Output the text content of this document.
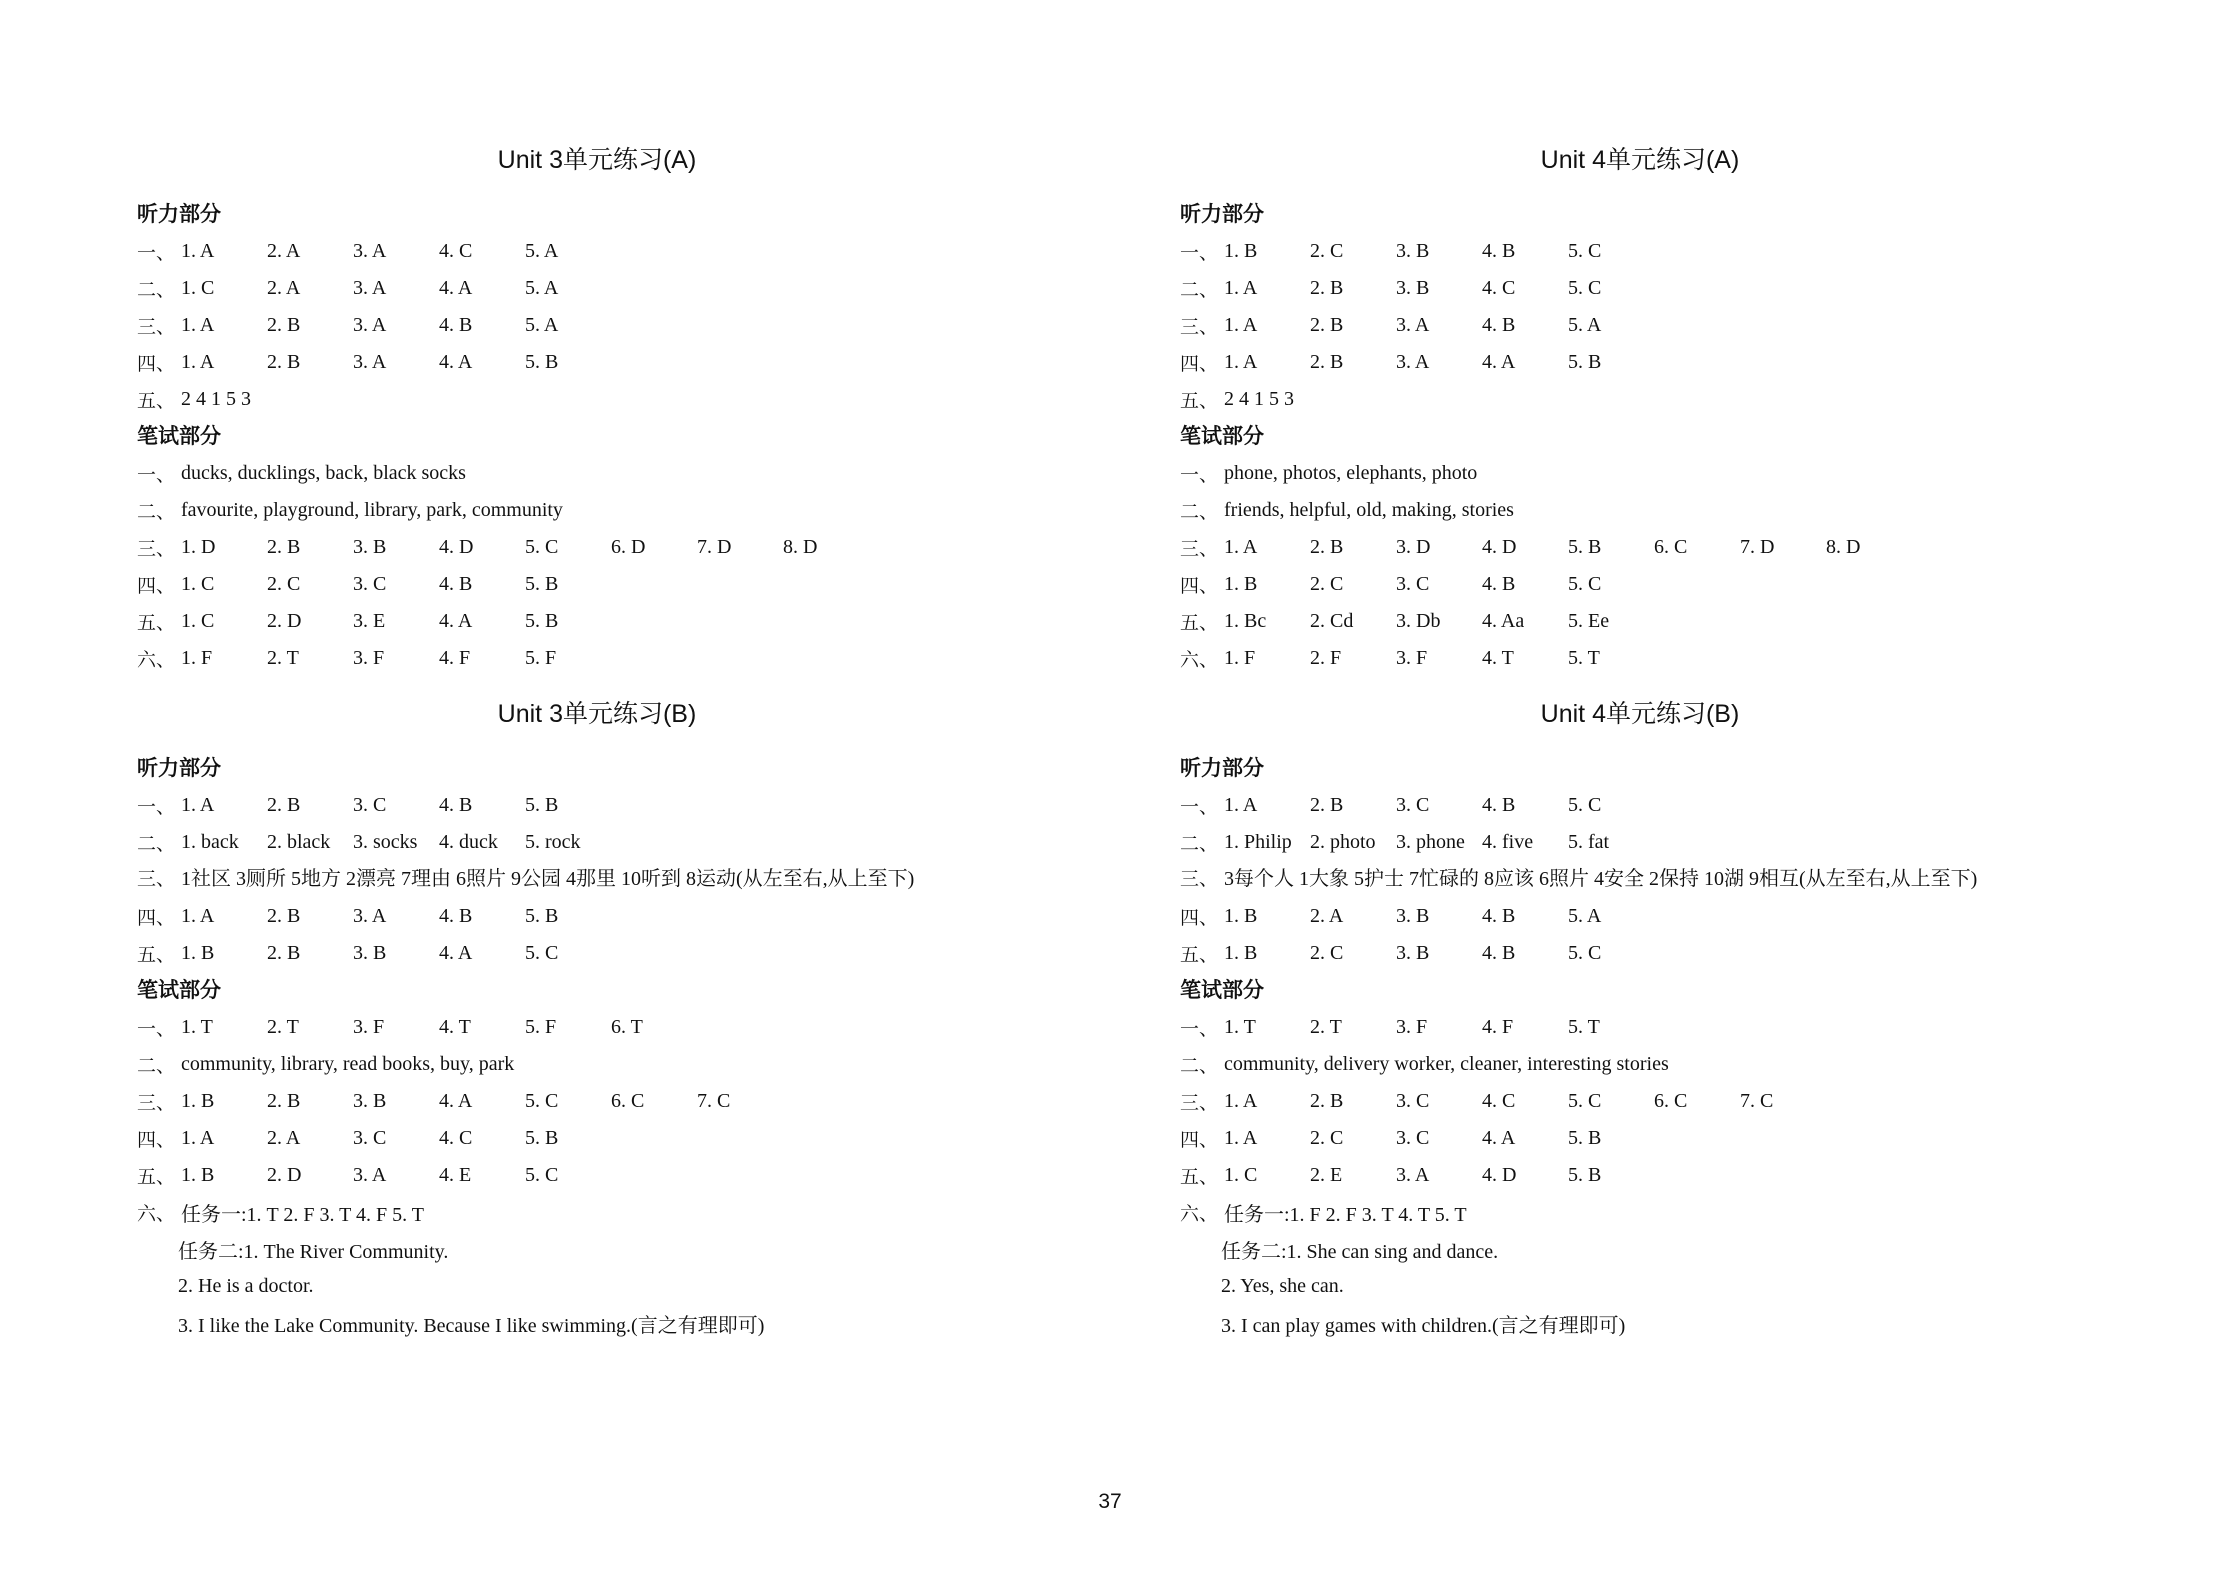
Unit 3单元练习(A)
听力部分
一、 1. A	2. A	3. A	4. C	5. A
二、 1. C	2. A	3. A	4. A	5. A
三、 1. A	2. B	3. A	4. B	5. A
四、 1. A	2. B	3. A	4. A	5. B
五、 2 4 1 5 3
笔试部分
一、 ducks, ducklings, back, black socks
二、 favourite, playground, library, park, community
三、 1. D	2. B	3. B	4. D	5. C	6. D	7. D	8. D
四、 1. C	2. C	3. C	4. B	5. B
五、 1. C	2. D	3. E	4. A	5. B
六、 1. F	2. T	3. F	4. F	5. F
Unit 3单元练习(B)
听力部分
一、 1. A	2. B	3. C	4. B	5. B
二、 1. back	2. black	3. socks	4. duck	5. rock
三、 1社区 3厕所 5地方 2漂亮 7理由 6照片 9公园 4那里 10听到 8运动(从左至右,从上至下)
四、 1. A	2. B	3. A	4. B	5. B
五、 1. B	2. B	3. B	4. A	5. C
笔试部分
一、 1. T	2. T	3. F	4. T	5. F	6. T
二、 community, library, read books, buy, park
三、 1. B	2. B	3. B	4. A	5. C	6. C	7. C
四、 1. A	2. A	3. C	4. C	5. B
五、 1. B	2. D	3. A	4. E	5. C
六、 任务一:1. T 2. F 3. T 4. F 5. T
任务二:1. The River Community.
2. He is a doctor.
3. I like the Lake Community. Because I like swimming.(言之有理即可)
Unit 4单元练习(A)
听力部分
一、 1. B	2. C	3. B	4. B	5. C
二、 1. A	2. B	3. B	4. C	5. C
三、 1. A	2. B	3. A	4. B	5. A
四、 1. A	2. B	3. A	4. A	5. B
五、 2 4 1 5 3
笔试部分
一、 phone, photos, elephants, photo
二、 friends, helpful, old, making, stories
三、 1. A	2. B	3. D	4. D	5. B	6. C	7. D	8. D
四、 1. B	2. C	3. C	4. B	5. C
五、 1. Bc	2. Cd	3. Db	4. Aa	5. Ee
六、 1. F	2. F	3. F	4. T	5. T
Unit 4单元练习(B)
听力部分
一、 1. A	2. B	3. C	4. B	5. C
二、 1. Philip 2. photo	3. phone 4. five	5. fat
三、 3每个人 1大象 5护士 7忙碌的 8应该 6照片 4安全 2保持 10湖 9相互(从左至右,从上至下)
四、 1. B	2. A	3. B	4. B	5. A
五、 1. B	2. C	3. B	4. B	5. C
笔试部分
一、 1. T	2. T	3. F	4. F	5. T
二、 community, delivery worker, cleaner, interesting stories
三、 1. A	2. B	3. C	4. C	5. C	6. C	7. C
四、 1. A	2. C	3. C	4. A	5. B
五、 1. C	2. E	3. A	4. D	5. B
六、 任务一:1. F 2. F 3. T 4. T 5. T
任务二:1. She can sing and dance.
2. Yes, she can.
3. I can play games with children.(言之有理即可)
37
